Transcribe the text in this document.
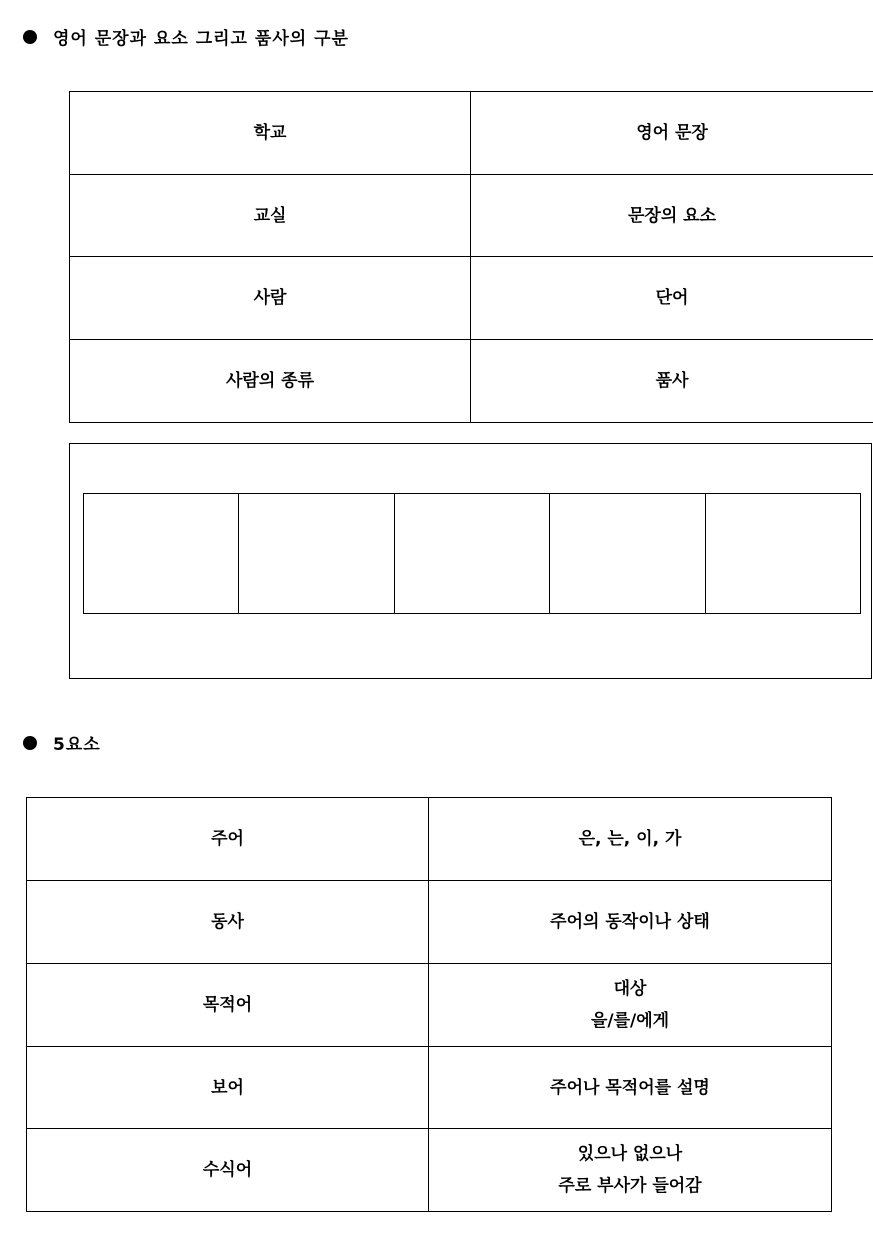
영어 문장과 요소 그리고 품사의 구분
학교	영어 문장
교실	문장의 요소
사람	단어
사람의 종류	품사
5요소
주어	은, 는, 이, 가

동사	주어의 동작이나 상태

목적어	대상
을/를/에게

보어	주어나 목적어를 설명

수식어	있으나 없으나
주로 부사가 들어감
